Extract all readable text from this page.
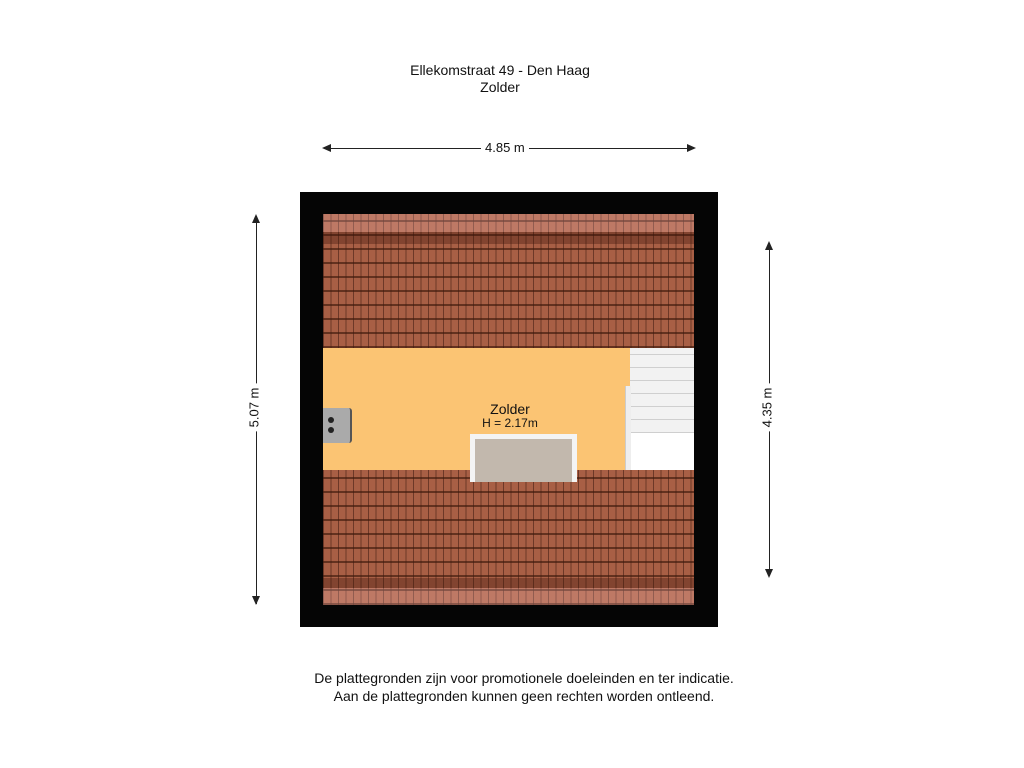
Ellekomstraat 49 - Den Haag
Zolder
4.85 m
5.07 m	4.35 m
Zolder
H = 2.17m
De plattegronden zijn voor promotionele doeleinden en ter indicatie.
Aan de plattegronden kunnen geen rechten worden ontleend.
